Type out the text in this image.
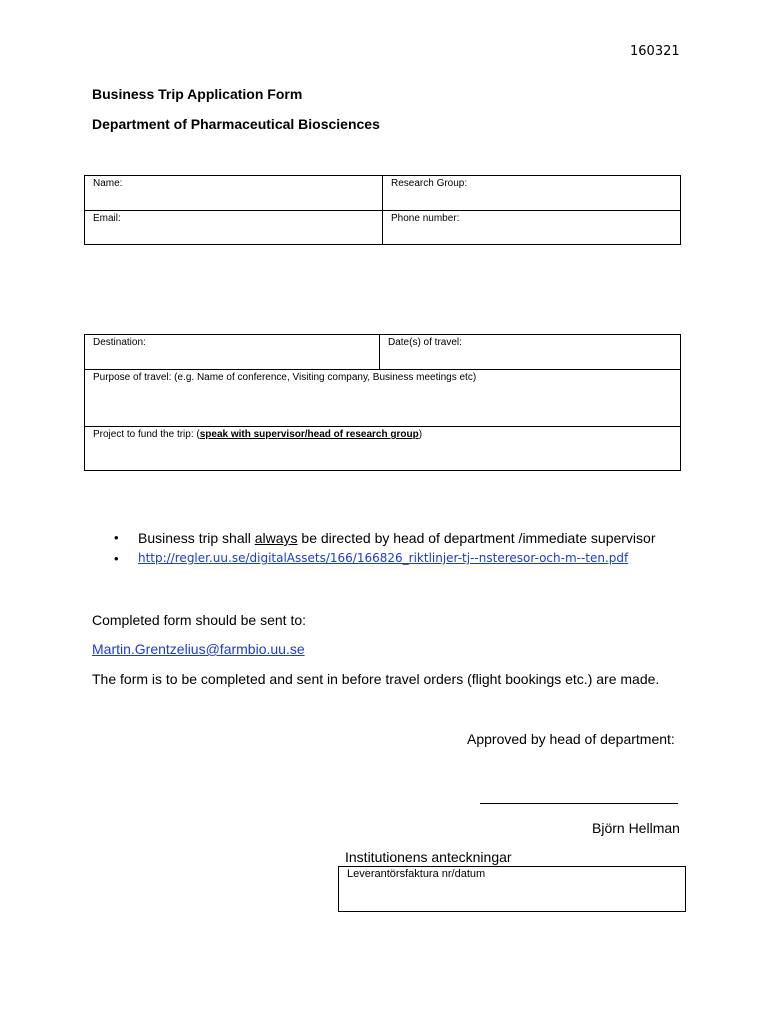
160321
Business Trip Application Form
Department of Pharmaceutical Biosciences
Name:	Research Group:
Email:	Phone number:
Destination:	Date(s) of travel:
Purpose of travel: (e.g. Name of conference, Visiting company, Business meetings etc)
Project to fund the trip: (speak with supervisor/head of research group)
• Business trip shall always be directed by head of department /immediate supervisor
• http://regler.uu.se/digitalAssets/166/166826_riktlinjer-tj--nsteresor-och-m--ten.pdf
Completed form should be sent to:
Martin.Grentzelius@farmbio.uu.se
The form is to be completed and sent in before travel orders (flight bookings etc.) are made.
Approved by head of department:
Björn Hellman
Institutionens anteckningar
Leverantörsfaktura nr/datum
